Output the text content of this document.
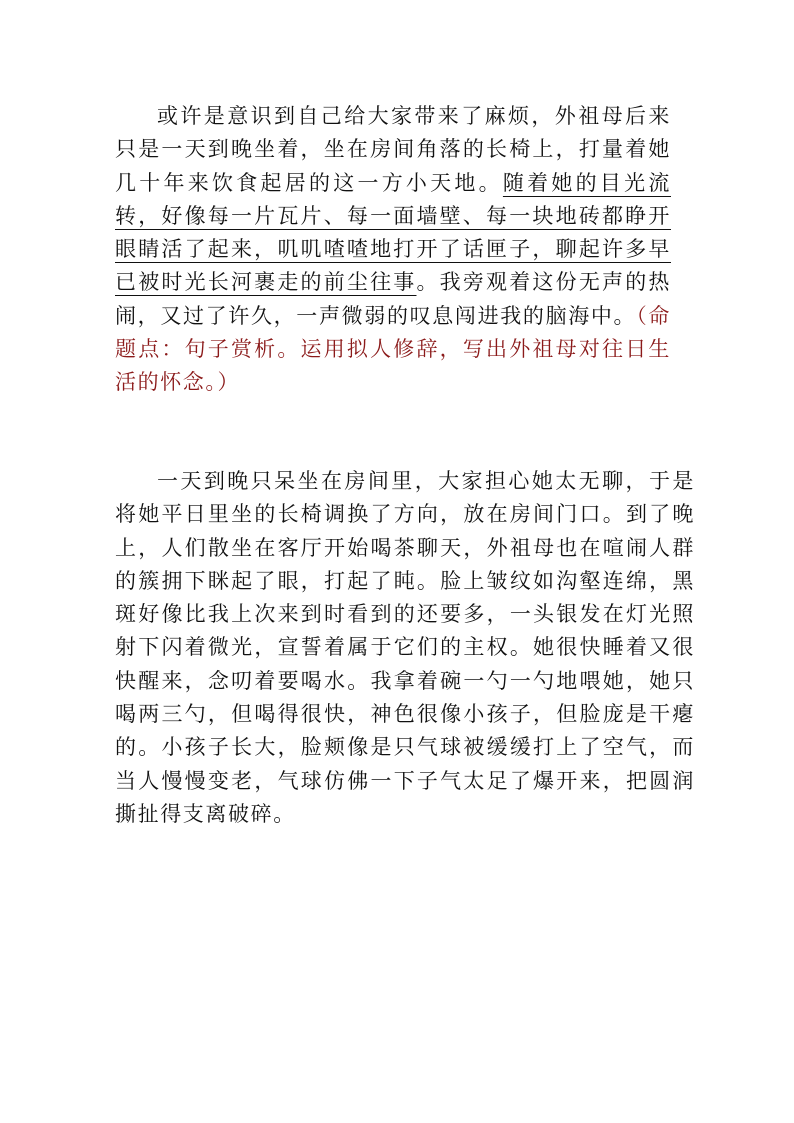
或许是意识到自己给大家带来了麻烦，外祖母后来只是一天到晚坐着，坐在房间角落的长椅上，打量着她几十年来饮食起居的这一方小天地。随着她的目光流转，好像每一片瓦片、每一面墙壁、每一块地砖都睁开眼睛活了起来，叽叽喳喳地打开了话匣子，聊起许多早已被时光长河裹走的前尘往事。我旁观着这份无声的热闹，又过了许久，一声微弱的叹息闯进我的脑海中。（命题点：句子赏析。运用拟人修辞，写出外祖母对往日生活的怀念。）

一天到晚只呆坐在房间里，大家担心她太无聊，于是将她平日里坐的长椅调换了方向，放在房间门口。到了晚上，人们散坐在客厅开始喝茶聊天，外祖母也在喧闹人群的簇拥下眯起了眼，打起了盹。脸上皱纹如沟壑连绵，黑斑好像比我上次来到时看到的还要多，一头银发在灯光照射下闪着微光，宣誓着属于它们的主权。她很快睡着又很快醒来，念叨着要喝水。我拿着碗一勺一勺地喂她，她只喝两三勺，但喝得很快，神色很像小孩子，但脸庞是干瘪的。小孩子长大，脸颊像是只气球被缓缓打上了空气，而当人慢慢变老，气球仿佛一下子气太足了爆开来，把圆润撕扯得支离破碎。
